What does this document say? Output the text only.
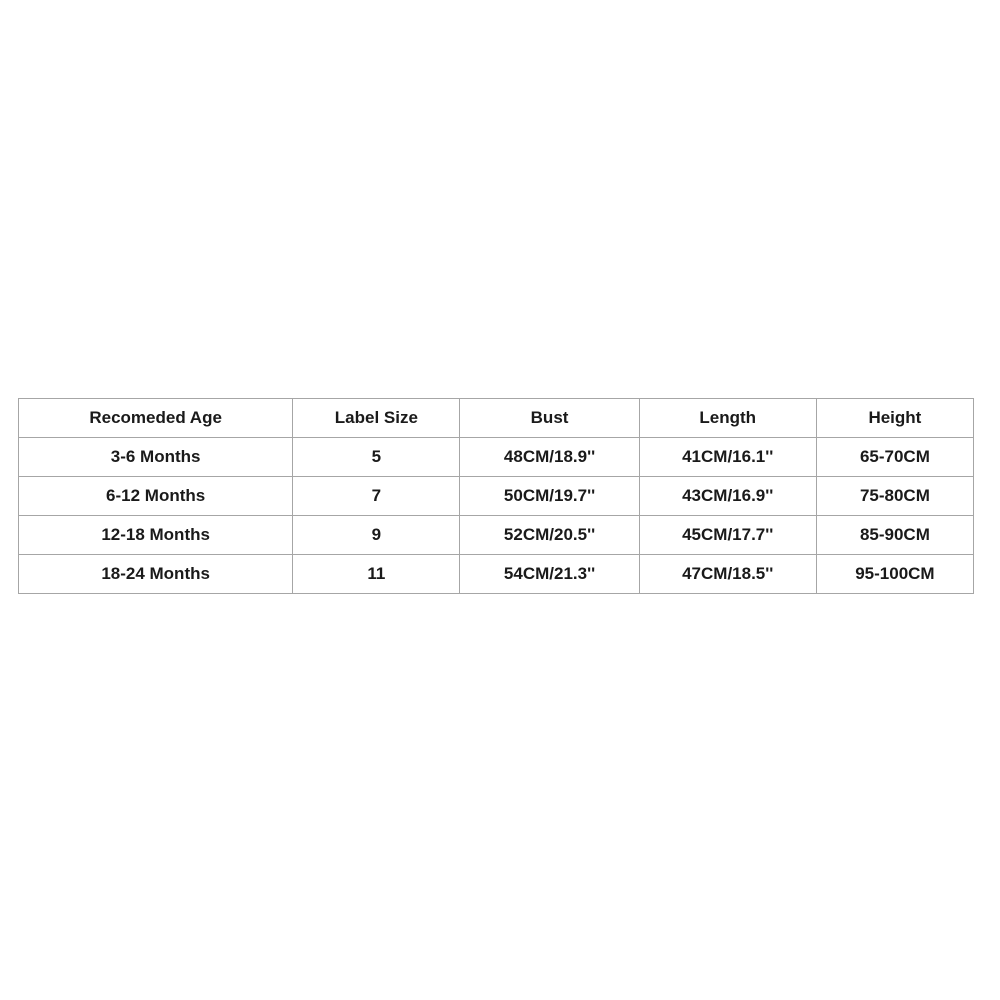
Recomeded Age	Label Size	Bust	Length	Height
3-6 Months	5	48CM/18.9''	41CM/16.1''	65-70CM
6-12 Months	7	50CM/19.7''	43CM/16.9''	75-80CM
12-18 Months	9	52CM/20.5''	45CM/17.7''	85-90CM
18-24 Months	11	54CM/21.3''	47CM/18.5''	95-100CM
